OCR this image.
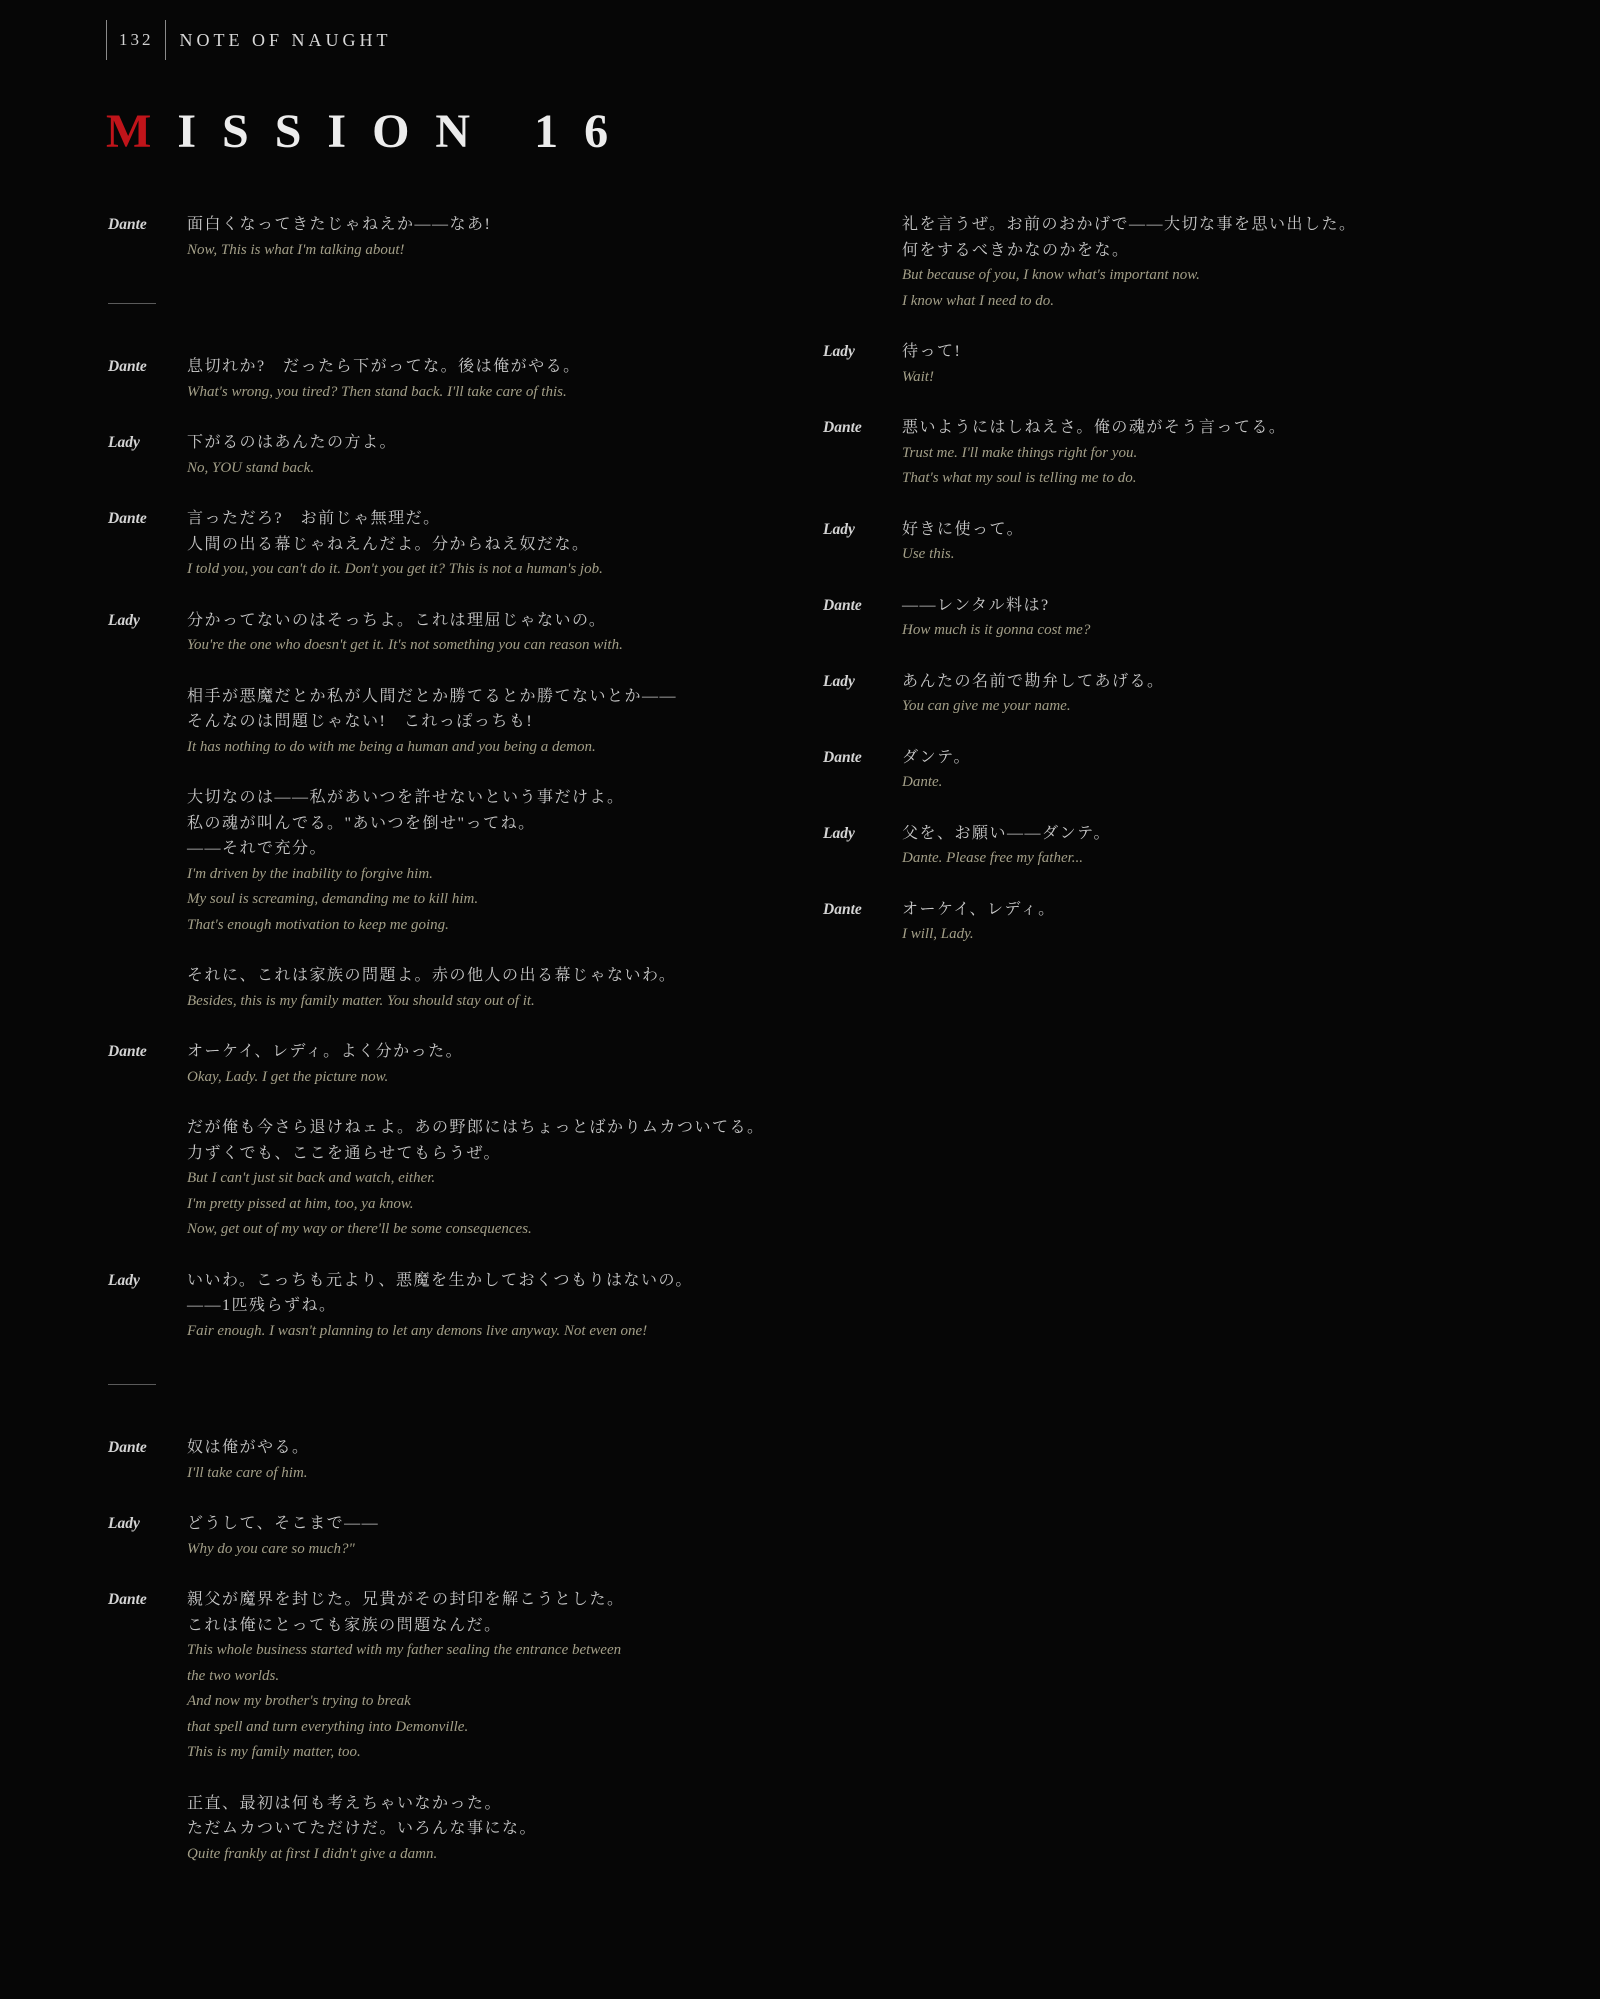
132	NOTE OF NAUGHT
MISSION 16
Dante	面白くなってきたじゃねえか——なあ!
Now, This is what I'm talking about!
Dante	息切れか?　だったら下がってな。後は俺がやる。
What's wrong, you tired? Then stand back. I'll take care of this.
Lady	下がるのはあんたの方よ。
No, YOU stand back.
Dante	言っただろ?　お前じゃ無理だ。
人間の出る幕じゃねえんだよ。分からねえ奴だな。
I told you, you can't do it. Don't you get it? This is not a human's job.
Lady	分かってないのはそっちよ。これは理屈じゃないの。
You're the one who doesn't get it. It's not something you can reason with.
相手が悪魔だとか私が人間だとか勝てるとか勝てないとか——
そんなのは問題じゃない!　これっぽっちも!
It has nothing to do with me being a human and you being a demon.
大切なのは——私があいつを許せないという事だけよ。
私の魂が叫んでる。"あいつを倒せ"ってね。
——それで充分。
I'm driven by the inability to forgive him.
My soul is screaming, demanding me to kill him.
That's enough motivation to keep me going.
それに、これは家族の問題よ。赤の他人の出る幕じゃないわ。
Besides, this is my family matter. You should stay out of it.
Dante	オーケイ、レディ。よく分かった。
Okay, Lady. I get the picture now.
だが俺も今さら退けねェよ。あの野郎にはちょっとばかりムカついてる。
力ずくでも、ここを通らせてもらうぜ。
But I can't just sit back and watch, either.
I'm pretty pissed at him, too, ya know.
Now, get out of my way or there'll be some consequences.
Lady	いいわ。こっちも元より、悪魔を生かしておくつもりはないの。
——1匹残らずね。
Fair enough. I wasn't planning to let any demons live anyway. Not even one!
Dante	奴は俺がやる。
I'll take care of him.
Lady	どうして、そこまで——
Why do you care so much?"
Dante	親父が魔界を封じた。兄貴がその封印を解こうとした。
これは俺にとっても家族の問題なんだ。
This whole business started with my father sealing the entrance between
the two worlds.
And now my brother's trying to break
that spell and turn everything into Demonville.
This is my family matter, too.
正直、最初は何も考えちゃいなかった。
ただムカついてただけだ。いろんな事にな。
Quite frankly at first I didn't give a damn.
礼を言うぜ。お前のおかげで——大切な事を思い出した。
何をするべきかなのかをな。
But because of you, I know what's important now.
I know what I need to do.
Lady	待って!
Wait!
Dante	悪いようにはしねえさ。俺の魂がそう言ってる。
Trust me. I'll make things right for you.
That's what my soul is telling me to do.
Lady	好きに使って。
Use this.
Dante	——レンタル料は?
How much is it gonna cost me?
Lady	あんたの名前で勘弁してあげる。
You can give me your name.
Dante	ダンテ。
Dante.
Lady	父を、お願い——ダンテ。
Dante. Please free my father...
Dante	オーケイ、レディ。
I will, Lady.
